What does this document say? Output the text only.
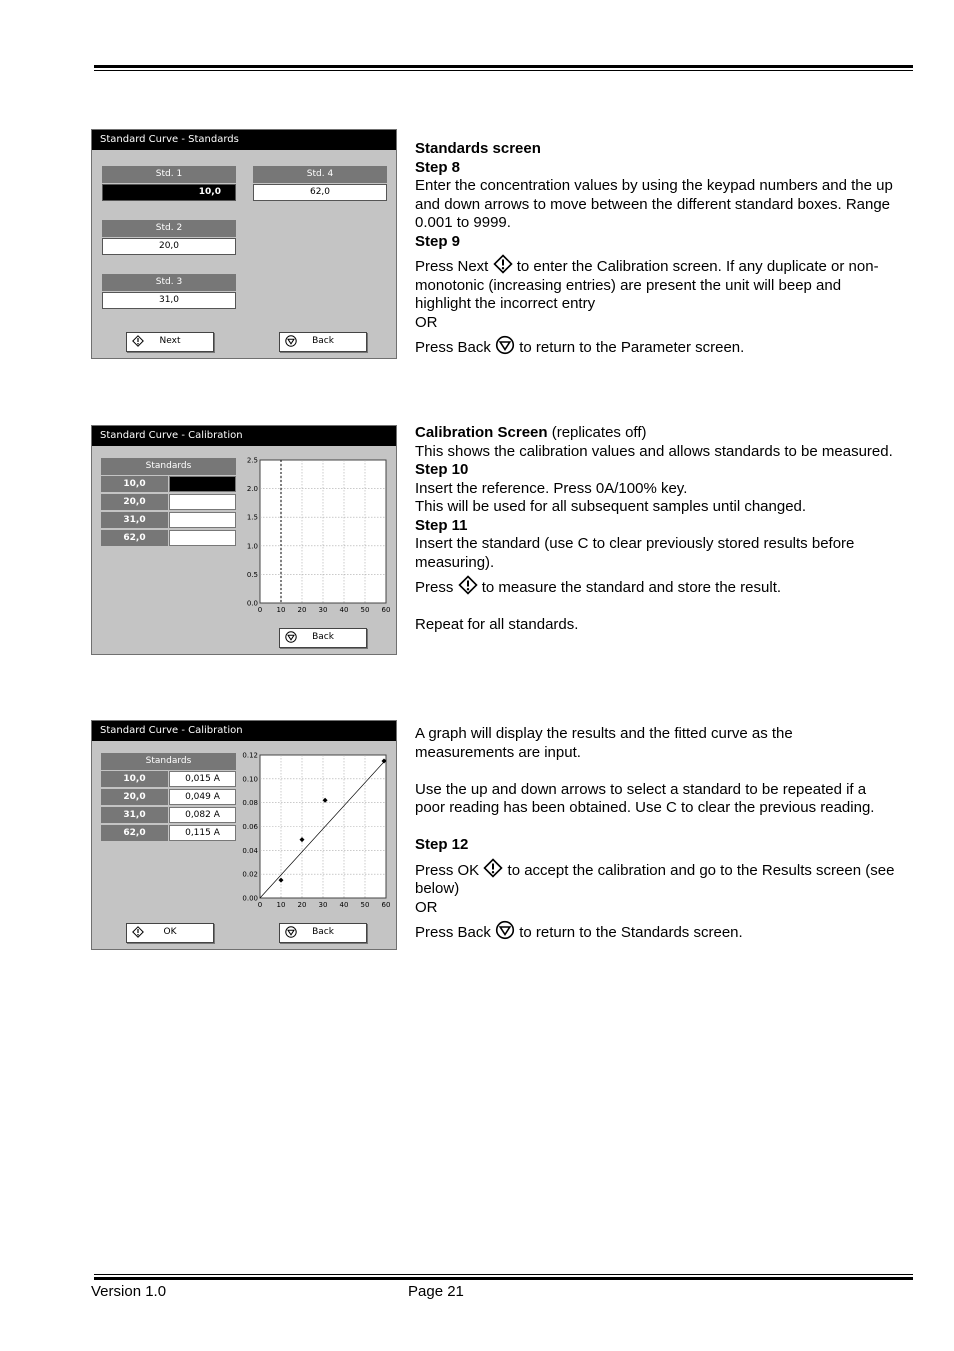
Standard Curve - Standards
Std. 1
10,0
Std. 2
20,0
Std. 3
31,0
Std. 4
62,0
Next	Back
Standard Curve - Calibration
Standards
10,0
20,0
31,0
62,0
0 10 20 30 40 50 60
0.0
0.5
1.0
1.5
2.0
2.5
Back
Standard Curve - Calibration
Standards
10,0	0,015 A
20,0	0,049 A
31,0	0,082 A
62,0	0,115 A
0 10 20 30 40 50 60
0.00
0.02
0.04
0.06
0.08
0.10
0.12
OK	Back

Standards screen

Step 8

Enter the concentration values by using the keypad numbers and the up and down arrows to move between the different standard boxes. Range 0.001 to 9999.

Step 9

Press Next to enter the Calibration screen. If any duplicate or non-monotonic (increasing entries) are present the unit will beep and highlight the incorrect entry

OR

Press Back to return to the Parameter screen.

Calibration Screen (replicates off)

This shows the calibration values and allows standards to be measured.

Step 10

Insert the reference. Press 0A/100% key.

This will be used for all subsequent samples until changed.

Step 11

Insert the standard (use C to clear previously stored results before measuring).

Press to measure the standard and store the result.

Repeat for all standards.

A graph will display the results and the fitted curve as the measurements are input.

Use the up and down arrows to select a standard to be repeated if a poor reading has been obtained. Use C to clear the previous reading.

Step 12

Press OK to accept the calibration and go to the Results screen (see below)

OR

Press Back to return to the Standards screen.

Version 1.0	Page 21
